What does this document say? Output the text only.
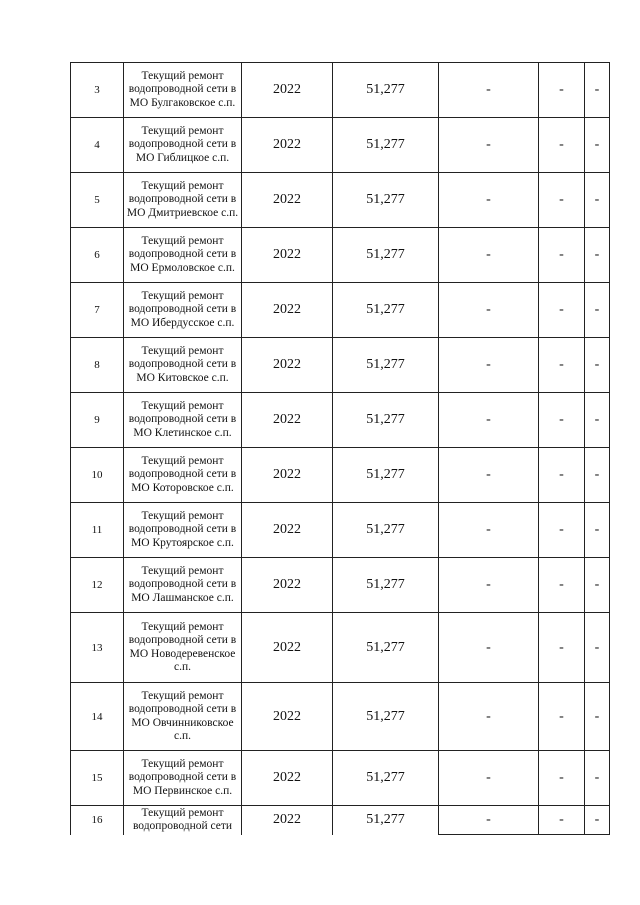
3	Текущий ремонт водопроводной сети в МО Булгаковское с.п.	2022	51,277	-	-	-
4	Текущий ремонт водопроводной сети в МО Гиблицкое с.п.	2022	51,277	-	-	-
5	Текущий ремонт водопроводной сети в МО Дмитриевское с.п.	2022	51,277	-	-	-
6	Текущий ремонт водопроводной сети в МО Ермоловское с.п.	2022	51,277	-	-	-
7	Текущий ремонт водопроводной сети в МО Ибердусское с.п.	2022	51,277	-	-	-
8	Текущий ремонт водопроводной сети в МО Китовское с.п.	2022	51,277	-	-	-
9	Текущий ремонт водопроводной сети в МО Клетинское с.п.	2022	51,277	-	-	-
10	Текущий ремонт водопроводной сети в МО Которовское с.п.	2022	51,277	-	-	-
11	Текущий ремонт водопроводной сети в МО Крутоярское с.п.	2022	51,277	-	-	-
12	Текущий ремонт водопроводной сети в МО Лашманское с.п.	2022	51,277	-	-	-
13	Текущий ремонт водопроводной сети в МО Новодеревенское с.п.	2022	51,277	-	-	-
14	Текущий ремонт водопроводной сети в МО Овчинниковское с.п.	2022	51,277	-	-	-
15	Текущий ремонт водопроводной сети в МО Первинское с.п.	2022	51,277	-	-	-
16	Текущий ремонт водопроводной сети	2022	51,277	-	-	-
